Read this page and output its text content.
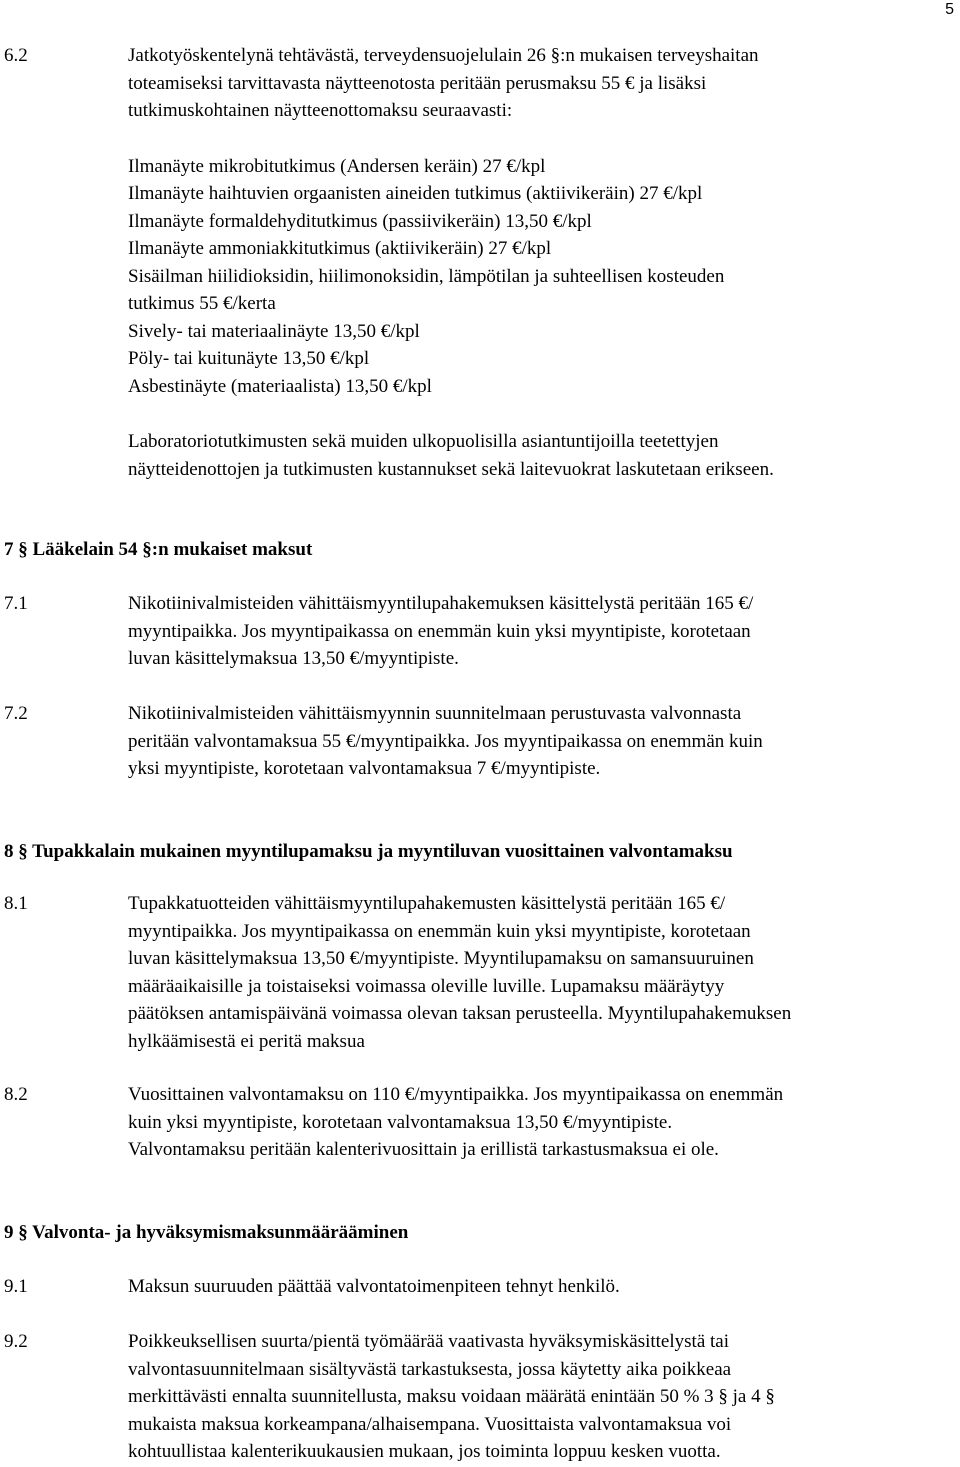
5
6.2	Jatkotyöskentelynä tehtävästä, terveydensuojelulain 26 §:n mukaisen terveyshaitan
toteamiseksi tarvittavasta näytteenotosta peritään perusmaksu 55 € ja lisäksi
tutkimuskohtainen näytteenottomaksu seuraavasti:

Ilmanäyte mikrobitutkimus (Andersen keräin) 27 €/kpl

Ilmanäyte haihtuvien orgaanisten aineiden tutkimus (aktiivikeräin) 27 €/kpl

Ilmanäyte formaldehyditutkimus (passiivikeräin) 13,50 €/kpl

Ilmanäyte ammoniakkitutkimus (aktiivikeräin) 27 €/kpl

Sisäilman hiilidioksidin, hiilimonoksidin, lämpötilan ja suhteellisen kosteuden
tutkimus 55 €/kerta

Sively- tai materiaalinäyte 13,50 €/kpl

Pöly- tai kuitunäyte 13,50 €/kpl

Asbestinäyte (materiaalista) 13,50 €/kpl

Laboratoriotutkimusten sekä muiden ulkopuolisilla asiantuntijoilla teetettyjen
näytteidenottojen ja tutkimusten kustannukset sekä laitevuokrat laskutetaan erikseen.

7 § Lääkelain 54 §:n mukaiset maksut
7.1	Nikotiinivalmisteiden vähittäismyyntilupahakemuksen käsittelystä peritään 165 €/
myyntipaikka. Jos myyntipaikassa on enemmän kuin yksi myyntipiste, korotetaan
luvan käsittelymaksua 13,50 €/myyntipiste.

7.2	Nikotiinivalmisteiden vähittäismyynnin suunnitelmaan perustuvasta valvonnasta
peritään valvontamaksua 55 €/myyntipaikka. Jos myyntipaikassa on enemmän kuin
yksi myyntipiste, korotetaan valvontamaksua 7 €/myyntipiste.

8 § Tupakkalain mukainen myyntilupamaksu ja myyntiluvan vuosittainen valvontamaksu
8.1	Tupakkatuotteiden vähittäismyyntilupahakemusten käsittelystä peritään 165 €/
myyntipaikka. Jos myyntipaikassa on enemmän kuin yksi myyntipiste, korotetaan
luvan käsittelymaksua 13,50 €/myyntipiste. Myyntilupamaksu on samansuuruinen
määräaikaisille ja toistaiseksi voimassa oleville luville. Lupamaksu määräytyy
päätöksen antamispäivänä voimassa olevan taksan perusteella. Myyntilupahakemuksen
hylkäämisestä ei peritä maksua

8.2	Vuosittainen valvontamaksu on 110 €/myyntipaikka. Jos myyntipaikassa on enemmän
kuin yksi myyntipiste, korotetaan valvontamaksua 13,50 €/myyntipiste.
Valvontamaksu peritään kalenterivuosittain ja erillistä tarkastusmaksua ei ole.

9 § Valvonta- ja hyväksymismaksunmäärääminen
9.1	Maksun suuruuden päättää valvontatoimenpiteen tehnyt henkilö.

9.2	Poikkeuksellisen suurta/pientä työmäärää vaativasta hyväksymiskäsittelystä tai
valvontasuunnitelmaan sisältyvästä tarkastuksesta, jossa käytetty aika poikkeaa
merkittävästi ennalta suunnitellusta, maksu voidaan määrätä enintään 50 % 3 § ja 4 §
mukaista maksua korkeampana/alhaisempana. Vuosittaista valvontamaksua voi
kohtuullistaa kalenterikuukausien mukaan, jos toiminta loppuu kesken vuotta.
